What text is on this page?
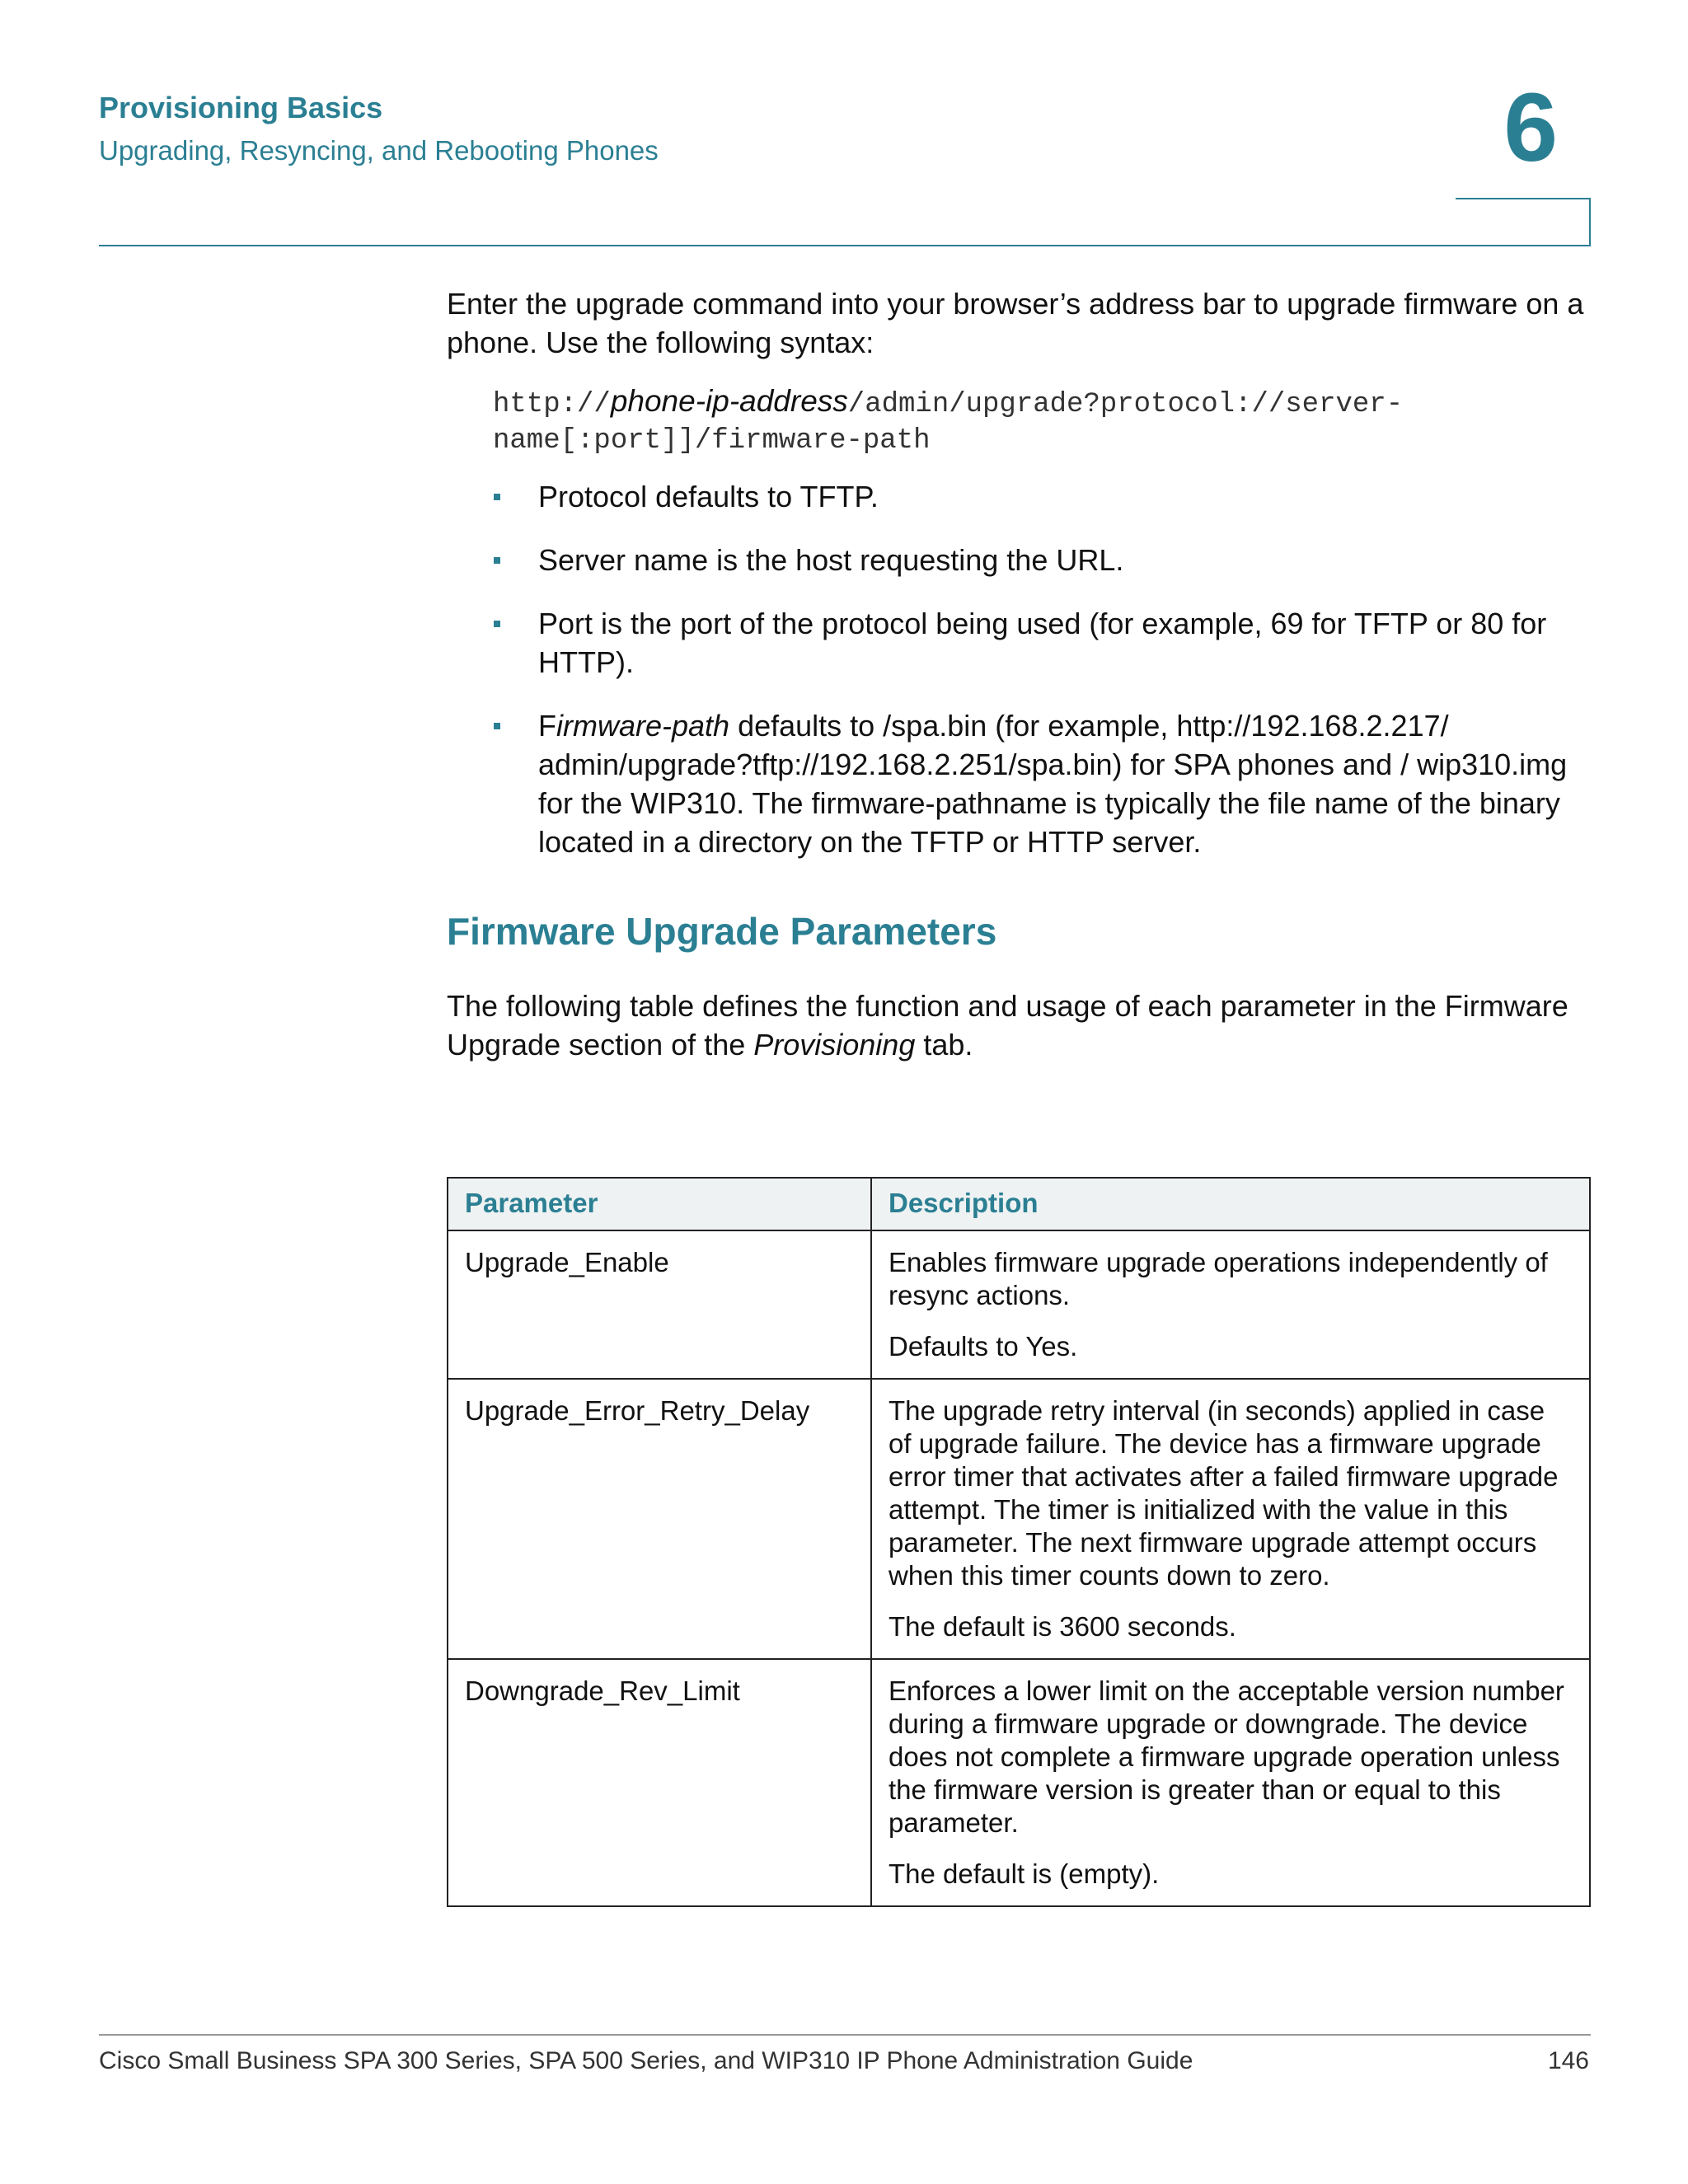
Provisioning Basics
Upgrading, Resyncing, and Rebooting Phones	6

Enter the upgrade command into your browser’s address bar to upgrade firmware on a phone. Use the following syntax:

http://phone-ip-address/admin/upgrade?protocol://server-
name[:port]]/firmware-path
Protocol defaults to TFTP.
Server name is the host requesting the URL.
Port is the port of the protocol being used (for example, 69 for TFTP or 80 for HTTP).
Firmware-path defaults to /spa.bin (for example, http://192.168.2.217/ admin/upgrade?tftp://192.168.2.251/spa.bin) for SPA phones and / wip310.img for the WIP310. The firmware-pathname is typically the file name of the binary located in a directory on the TFTP or HTTP server.
Firmware Upgrade Parameters

The following table defines the function and usage of each parameter in the Firmware Upgrade section of the Provisioning tab.

Parameter	Description
Upgrade_Enable	Enables firmware upgrade operations independently of resync actions.

Defaults to Yes.

Upgrade_Error_Retry_Delay	The upgrade retry interval (in seconds) applied in case of upgrade failure. The device has a firmware upgrade error timer that activates after a failed firmware upgrade attempt. The timer is initialized with the value in this parameter. The next firmware upgrade attempt occurs when this timer counts down to zero.

The default is 3600 seconds.

Downgrade_Rev_Limit	Enforces a lower limit on the acceptable version number during a firmware upgrade or downgrade. The device does not complete a firmware upgrade operation unless the firmware version is greater than or equal to this parameter.

The default is (empty).

Cisco Small Business SPA 300 Series, SPA 500 Series, and WIP310 IP Phone Administration Guide	146
